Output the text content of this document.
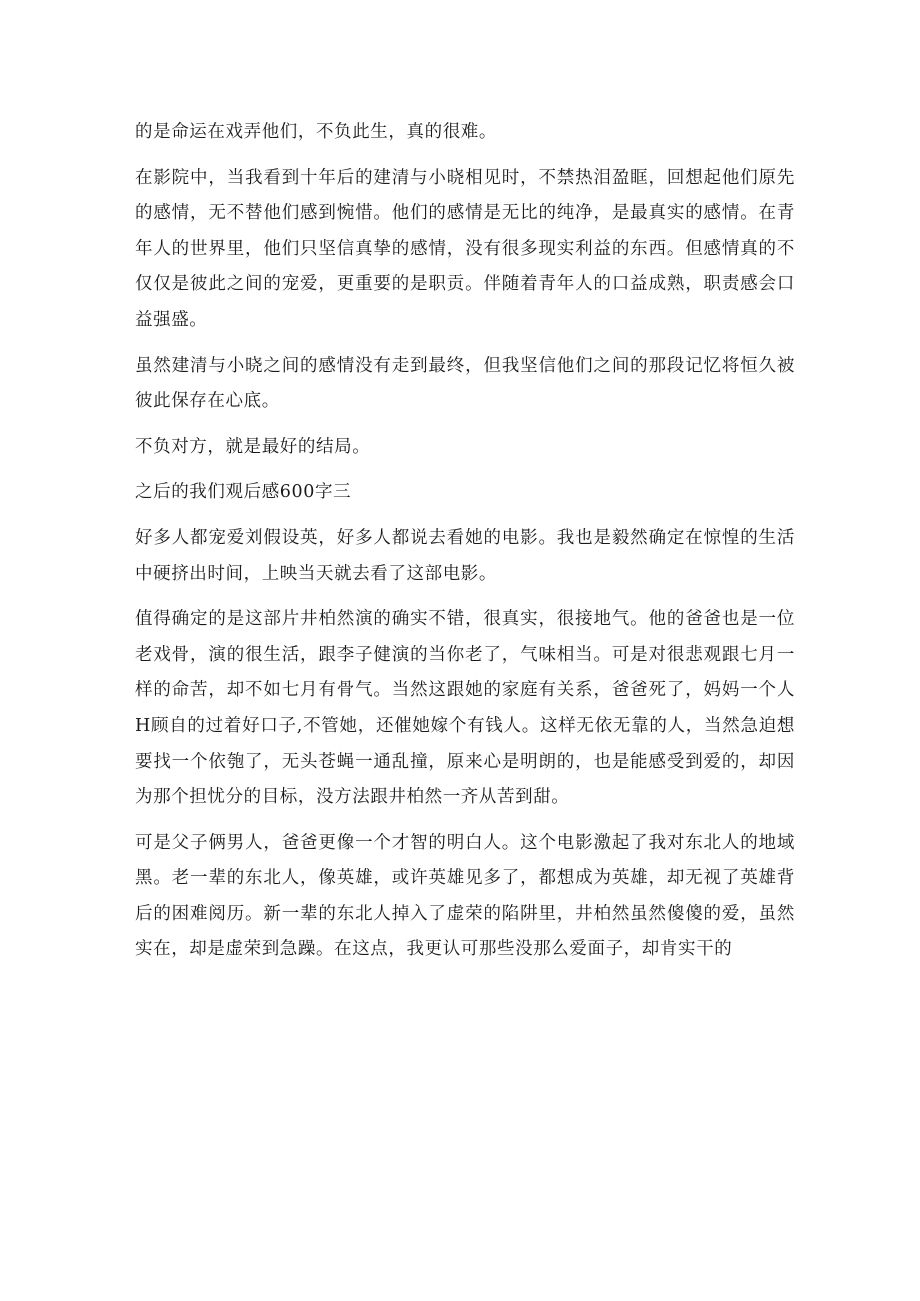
的是命运在戏弄他们，不负此生，真的很难。

在影院中，当我看到十年后的建清与小晓相见时，不禁热泪盈眶，回想起他们原先的感情，无不替他们感到惋惜。他们的感情是无比的纯净，是最真实的感情。在青年人的世界里，他们只坚信真挚的感情，没有很多现实利益的东西。但感情真的不仅仅是彼此之间的宠爱，更重要的是职贡。伴随着青年人的口益成熟，职责感会口益强盛。

虽然建清与小晓之间的感情没有走到最终，但我坚信他们之间的那段记忆将恒久被彼此保存在心底。

不负对方，就是最好的结局。

之后的我们观后感600字三

好多人都宠爱刘假设英，好多人都说去看她的电影。我也是毅然确定在惊惶的生活中硬挤出时间，上映当天就去看了这部电影。

值得确定的是这部片井柏然演的确实不错，很真实，很接地气。他的爸爸也是一位老戏骨，演的很生活，跟李子健演的当你老了，气味相当。可是对很悲观跟七月一样的命苦，却不如七月有骨气。当然这跟她的家庭有关系，爸爸死了，妈妈一个人H顾自的过着好口子,不管她，还催她嫁个有钱人。这样无依无靠的人，当然急迫想要找一个依匏了，无头苍蝇一通乱撞，原来心是明朗的，也是能感受到爱的，却因为那个担忧分的目标，没方法跟井柏然一齐从苦到甜。

可是父子俩男人，爸爸更像一个才智的明白人。这个电影激起了我对东北人的地域黑。老一辈的东北人，像英雄，或许英雄见多了，都想成为英雄，却无视了英雄背后的困难阅历。新一辈的东北人掉入了虚荣的陷阱里，井柏然虽然傻傻的爱，虽然实在，却是虚荣到急躁。在这点，我更认可那些没那么爱面子，却肯实干的
